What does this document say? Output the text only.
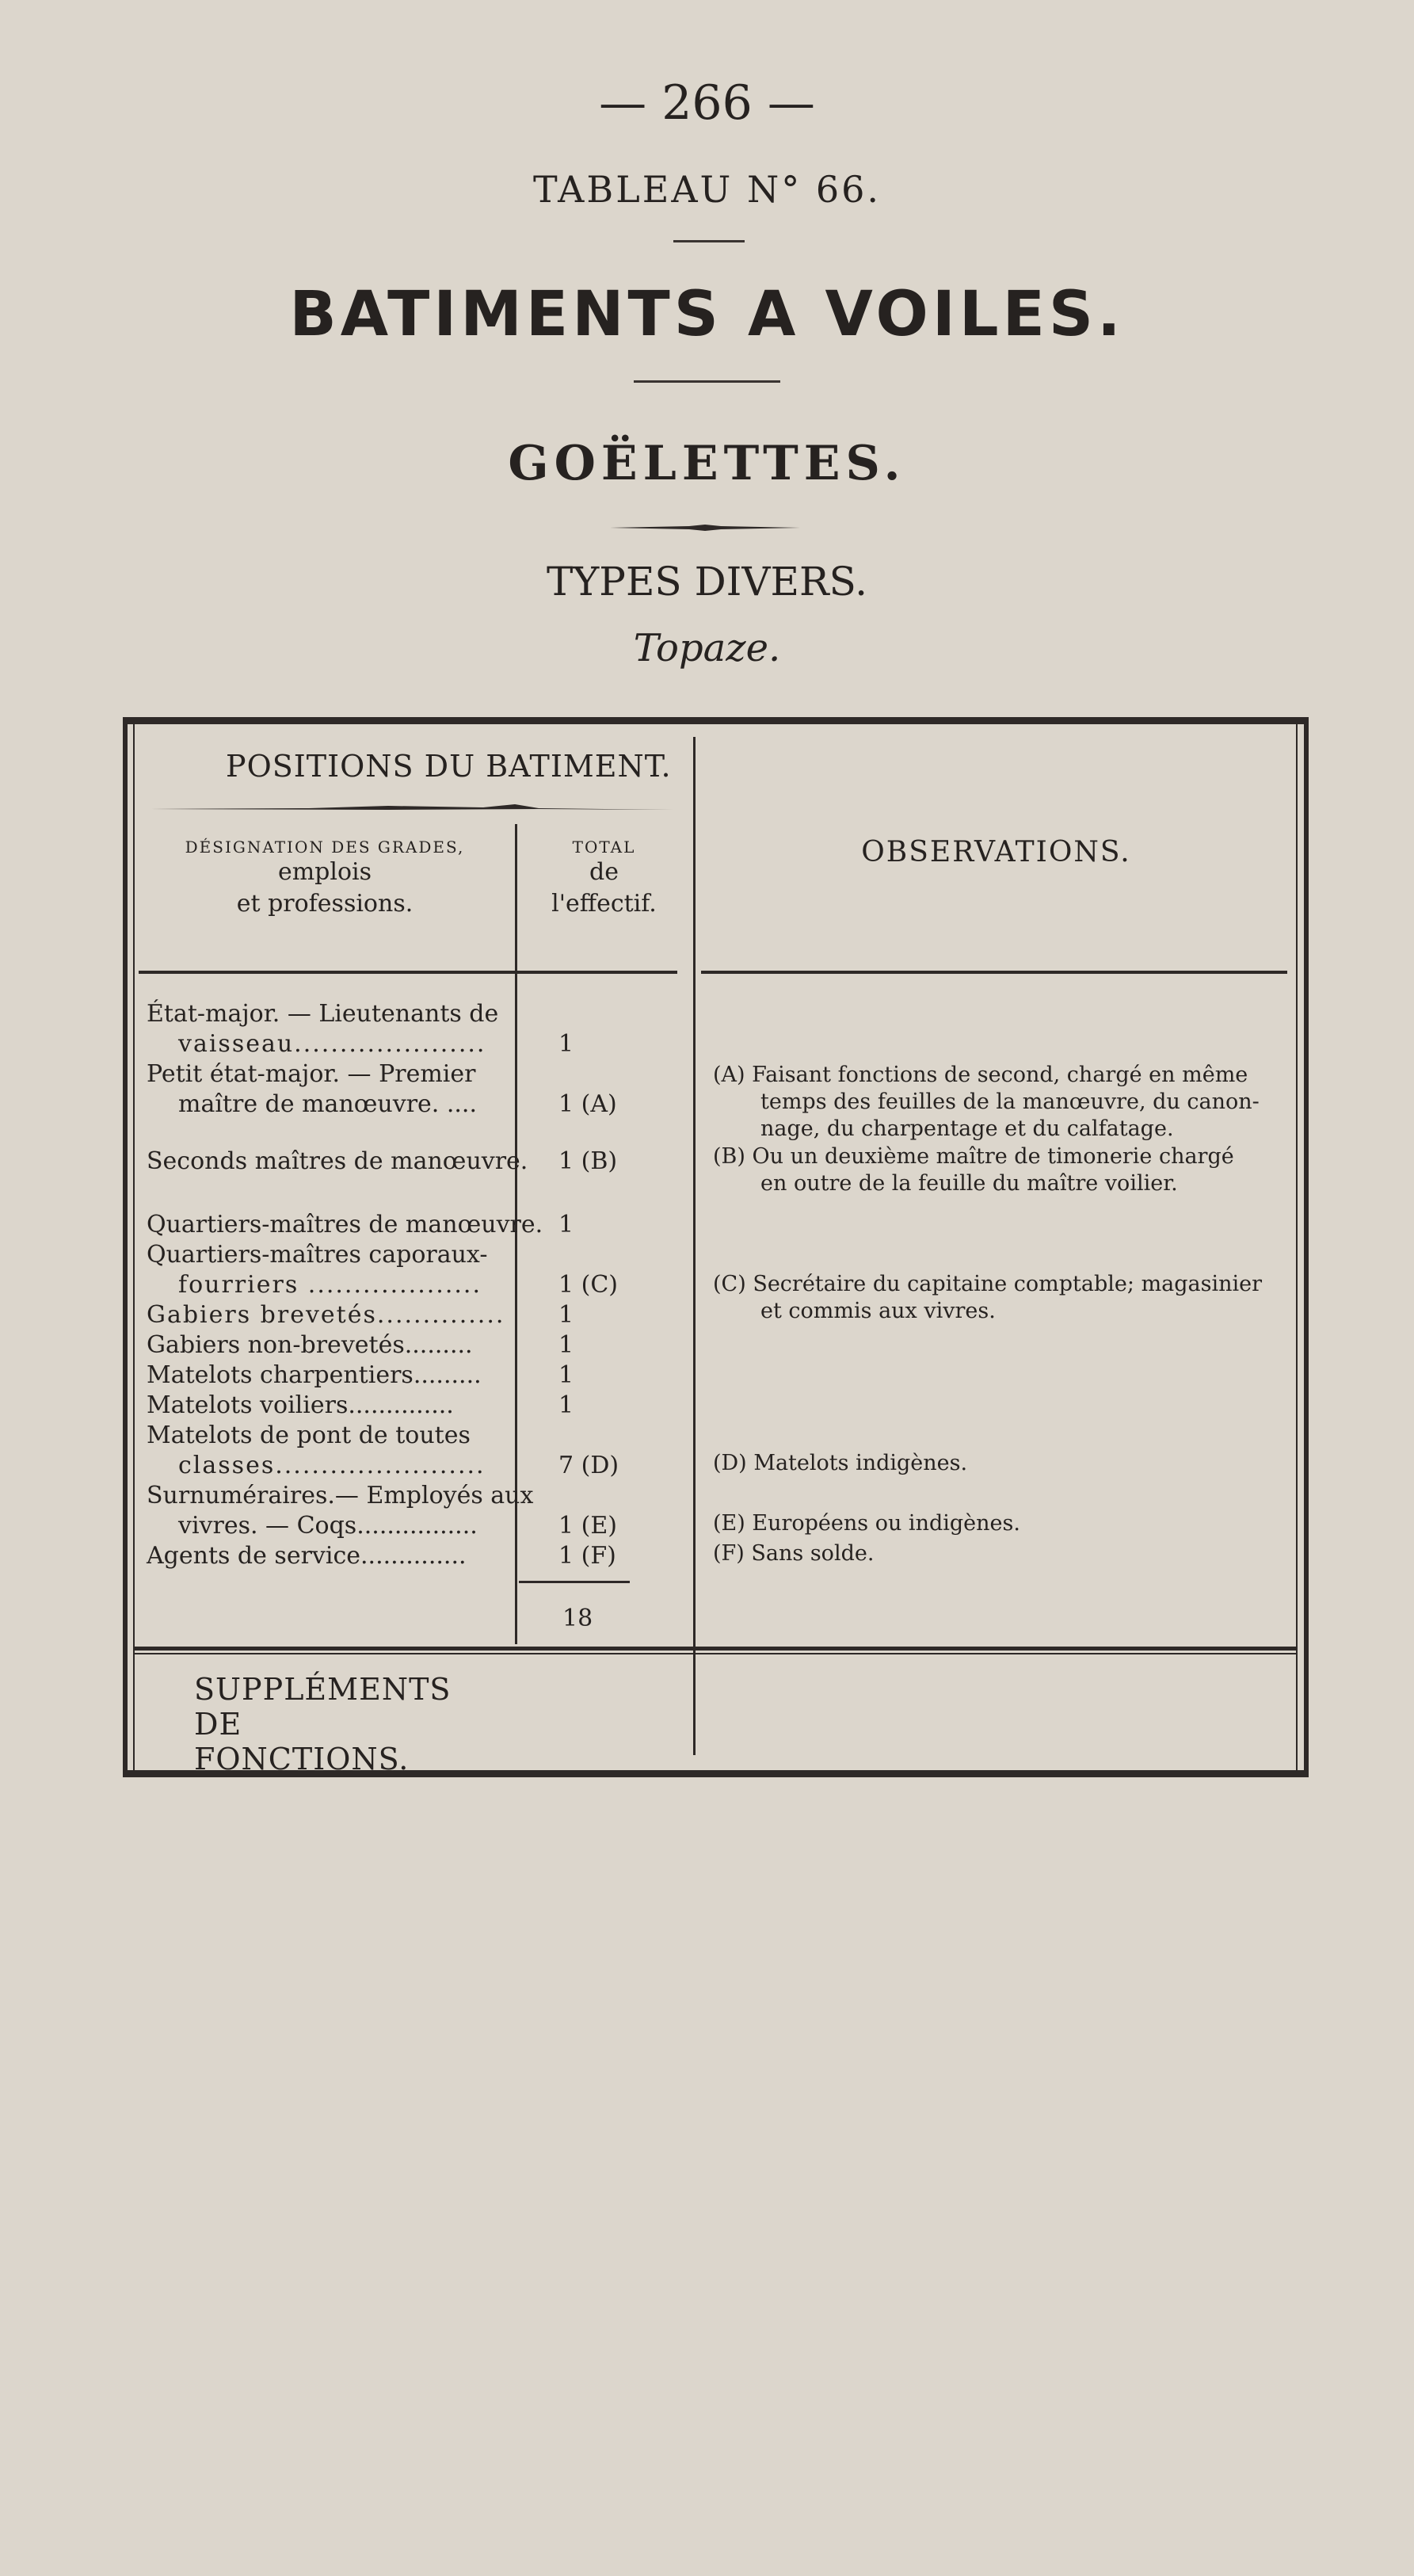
— 266 —
TABLEAU N° 66.
BATIMENTS A VOILES.
GOËLETTES.
TYPES DIVERS.
Topaze.
POSITIONS DU BATIMENT.
DÉSIGNATION DES GRADES,
emplois
et professions.
TOTAL
de
l'effectif.
OBSERVATIONS.
État-major. — Lieutenants de
vaisseau.....................	1
Petit état-major. — Premier
maître de manœuvre. ....	1 (A)
Seconds maîtres de manœuvre. 1 (B)
Quartiers-maîtres de manœuvre. 1
Quartiers-maîtres caporaux-
fourriers ...................	1 (C)
Gabiers brevetés.............. 1
Gabiers non-brevetés.........	1
Matelots charpentiers.........	1
Matelots voiliers..............	1
Matelots de pont de toutes
classes.......................	7 (D)
Surnuméraires.— Employés aux
vivres. — Coqs................	1 (E)
Agents de service..............	1 (F)
18
(A) Faisant fonctions de second, chargé en même
temps des feuilles de la manœuvre, du canon-
nage, du charpentage et du calfatage.
(B) Ou un deuxième maître de timonerie chargé
en outre de la feuille du maître voilier.
(C) Secrétaire du capitaine comptable; magasinier
et commis aux vivres.
(D) Matelots indigènes.
(E) Européens ou indigènes.
(F) Sans solde.
SUPPLÉMENTS DE FONCTIONS.
